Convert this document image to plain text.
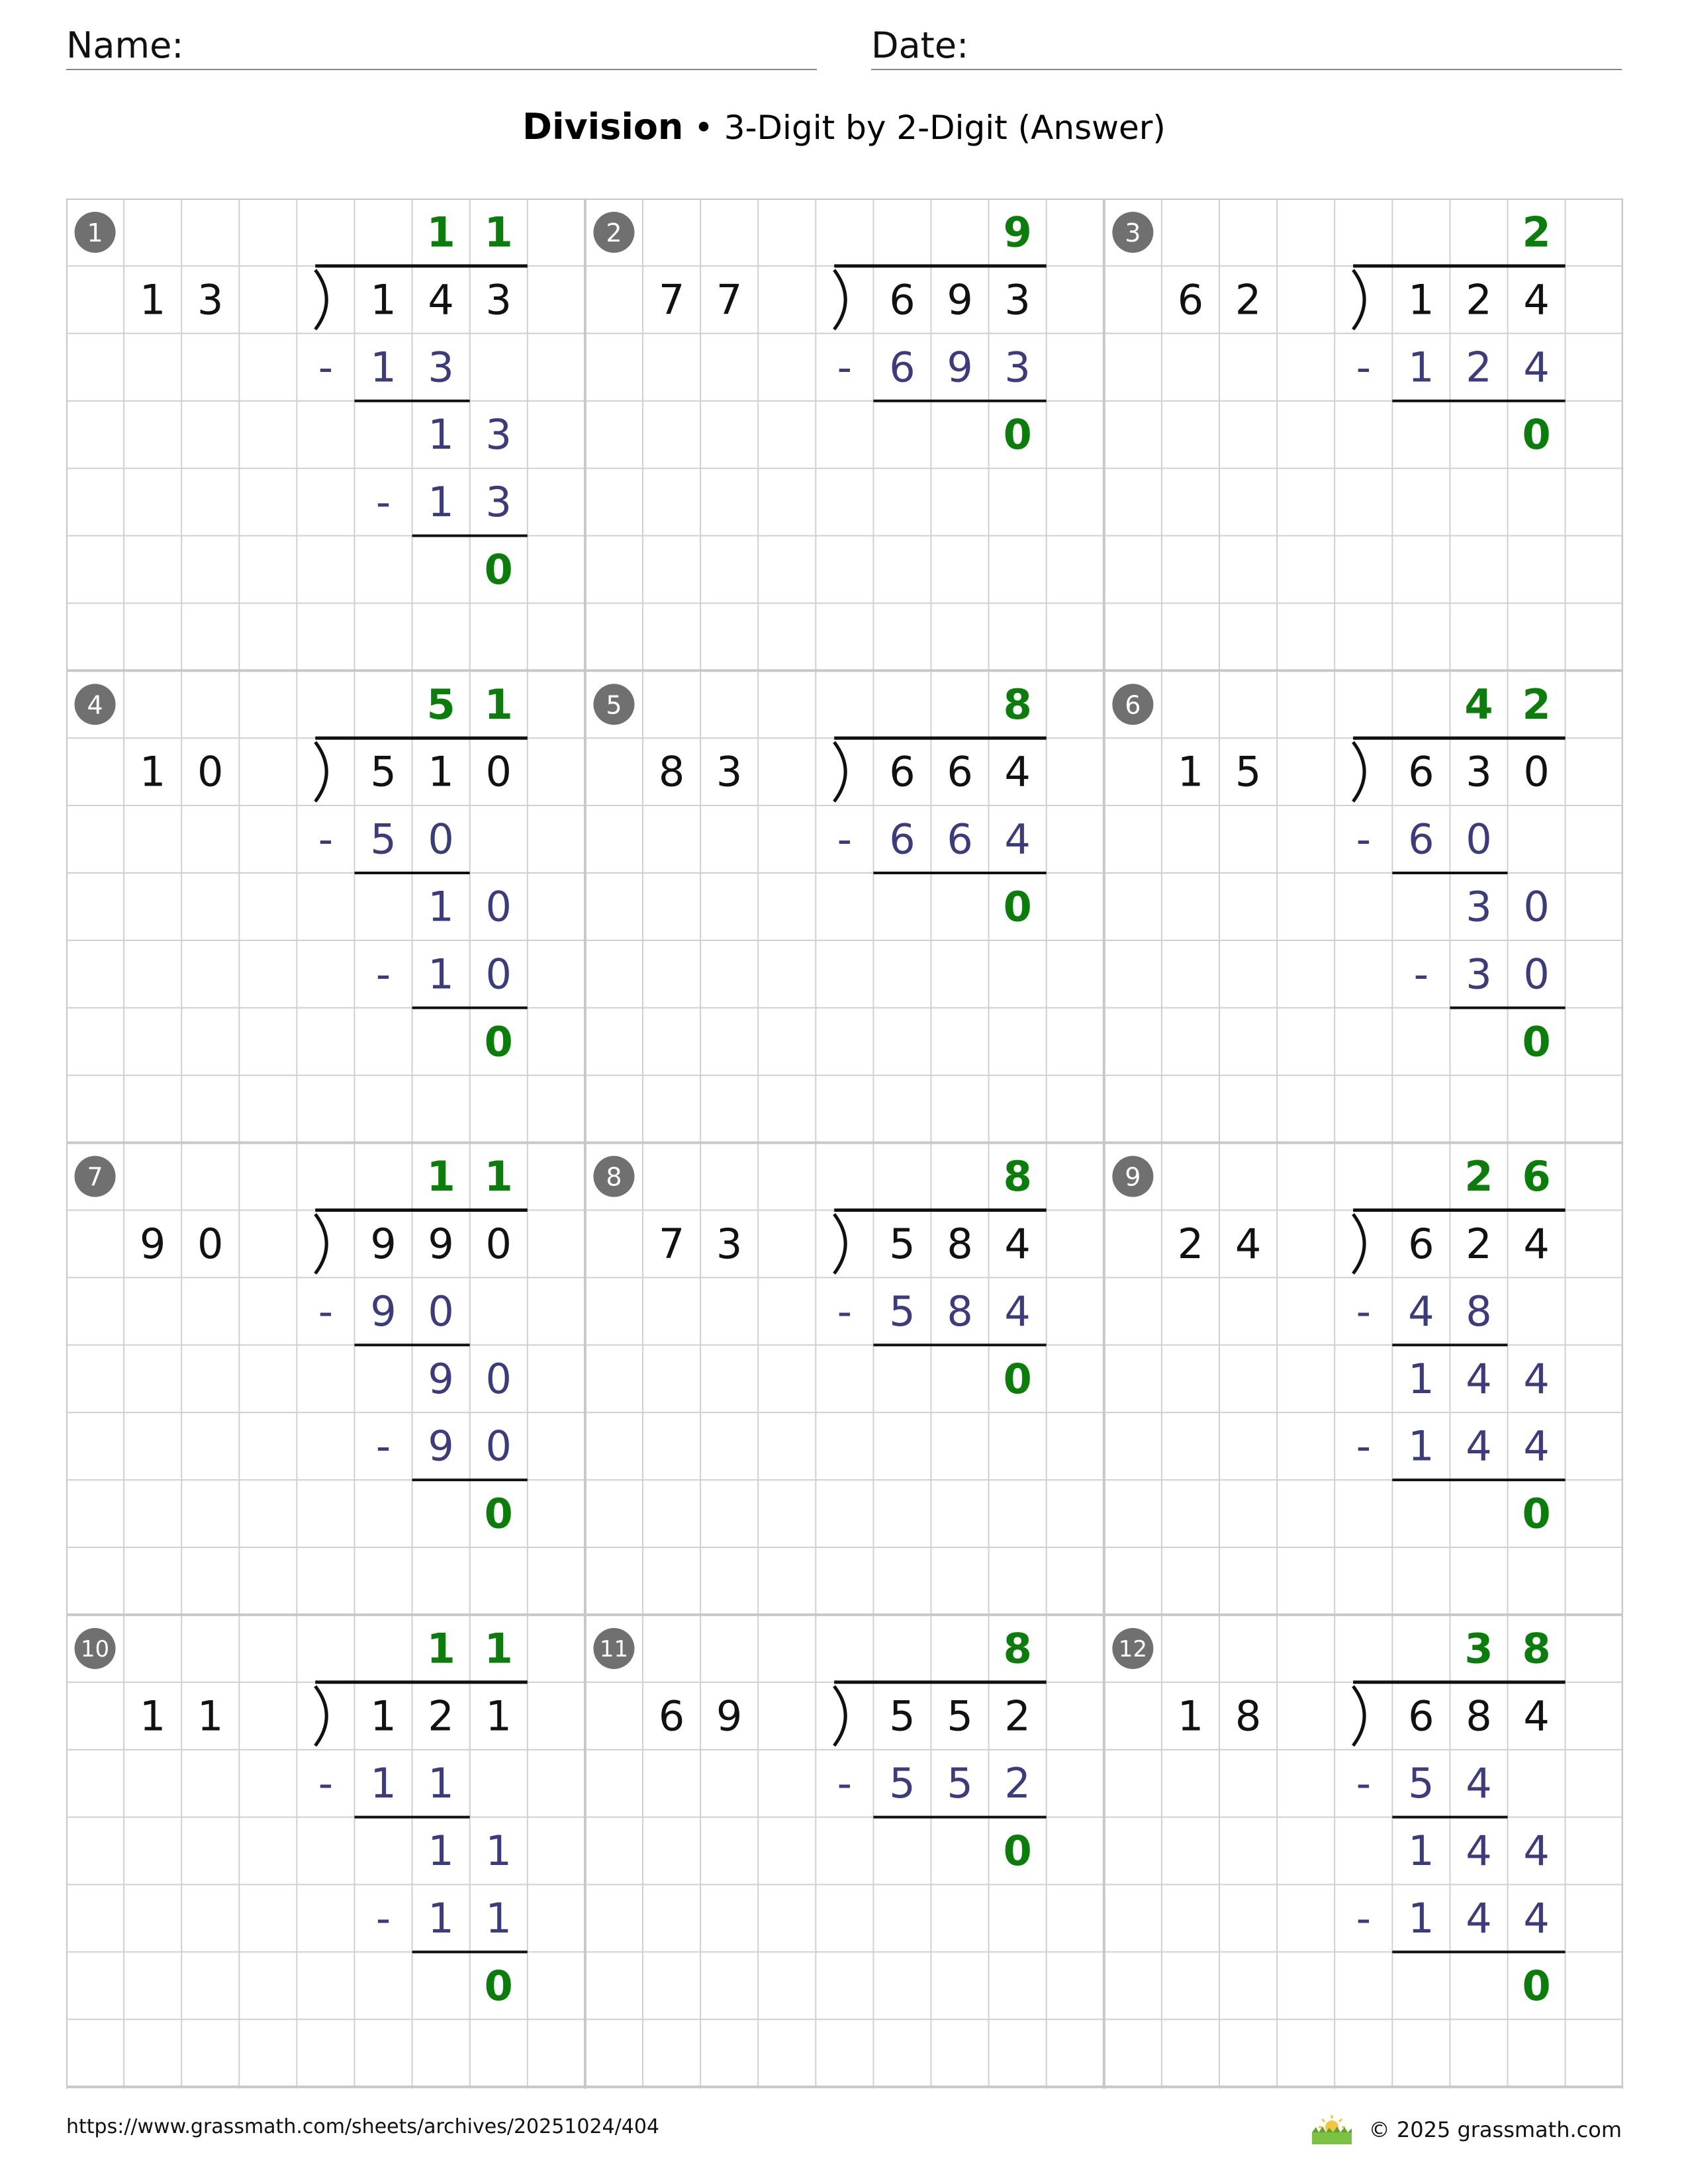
Name:	Date:
Division • 3-Digit by 2-Digit (Answer)
1
1 3	1 4 3
1 1
- 1 3
1 3
- 1 3
0
2
7 7	6 9 3
9
- 6 9 3
0
3
6 2	1 2 4
2
- 1 2 4
0
4
1 0	5 1 0
5 1
- 5 0
1 0
- 1 0
0
5
8 3	6 6 4
8
- 6 6 4
0
6
1 5	6 3 0
4 2
- 6 0
3 0
- 3 0
0
7
9 0	9 9 0
1 1
- 9 0
9 0
- 9 0
0
8
7 3	5 8 4
8
- 5 8 4
0
9
2 4	6 2 4
2 6
- 4 8
1 4 4
- 1 4 4
0
10
1 1	1 2 1
1 1
- 1 1
1 1
- 1 1
0
11
6 9	5 5 2
8
- 5 5 2
0
12
1 8	6 8 4
3 8
- 5 4
1 4 4
- 1 4 4
0
https://www.grassmath.com/sheets/archives/20251024/404	© 2025 grassmath.com
